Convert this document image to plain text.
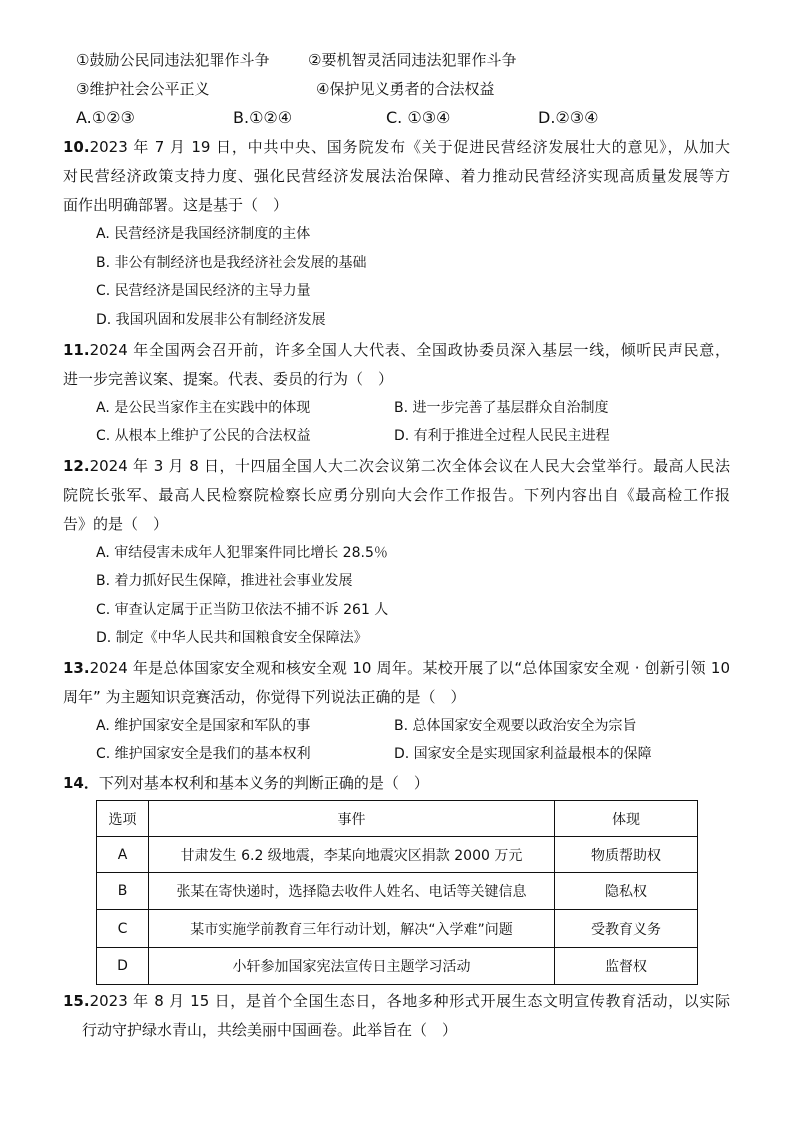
①鼓励公民同违法犯罪作斗争	②要机智灵活同违法犯罪作斗争
③维护社会公平正义	④保护见义勇者的合法权益
A.①②③	B.①②④	C. ①③④	D.②③④
10.2023 年 7 月 19 日，中共中央、国务院发布《关于促进民营经济发展壮大的意见》，从加大
对民营经济政策支持力度、强化民营经济发展法治保障、着力推动民营经济实现高质量发展等方
面作出明确部署。这是基于（　）
A. 民营经济是我国经济制度的主体
B. 非公有制经济也是我经济社会发展的基础
C. 民营经济是国民经济的主导力量
D. 我国巩固和发展非公有制经济发展
11.2024 年全国两会召开前，许多全国人大代表、全国政协委员深入基层一线，倾听民声民意，
进一步完善议案、提案。代表、委员的行为（　）
A. 是公民当家作主在实践中的体现	B. 进一步完善了基层群众自治制度
C. 从根本上维护了公民的合法权益	D. 有利于推进全过程人民民主进程
12.2024 年 3 月 8 日，十四届全国人大二次会议第二次全体会议在人民大会堂举行。最高人民法
院院长张军、最高人民检察院检察长应勇分别向大会作工作报告。下列内容出自《最高检工作报
告》的是（　）
A. 审结侵害未成年人犯罪案件同比增长 28.5％
B. 着力抓好民生保障，推进社会事业发展
C. 审查认定属于正当防卫依法不捕不诉 261 人
D. 制定《中华人民共和国粮食安全保障法》
13.2024 年是总体国家安全观和核安全观 10 周年。某校开展了以“总体国家安全观 · 创新引领 10
周年” 为主题知识竞赛活动，你觉得下列说法正确的是（　）
A. 维护国家安全是国家和军队的事	B. 总体国家安全观要以政治安全为宗旨
C. 维护国家安全是我们的基本权利	D. 国家安全是实现国家利益最根本的保障
14．下列对基本权利和基本义务的判断正确的是（　）
选项	事件	体现
A	甘肃发生 6.2 级地震，李某向地震灾区捐款 2000 万元	物质帮助权
B	张某在寄快递时，选择隐去收件人姓名、电话等关键信息	隐私权
C	某市实施学前教育三年行动计划，解决“入学难”问题	受教育义务
D	小轩参加国家宪法宣传日主题学习活动	监督权
15.2023 年 8 月 15 日，是首个全国生态日，各地多种形式开展生态文明宣传教育活动，以实际
行动守护绿水青山，共绘美丽中国画卷。此举旨在（　）
